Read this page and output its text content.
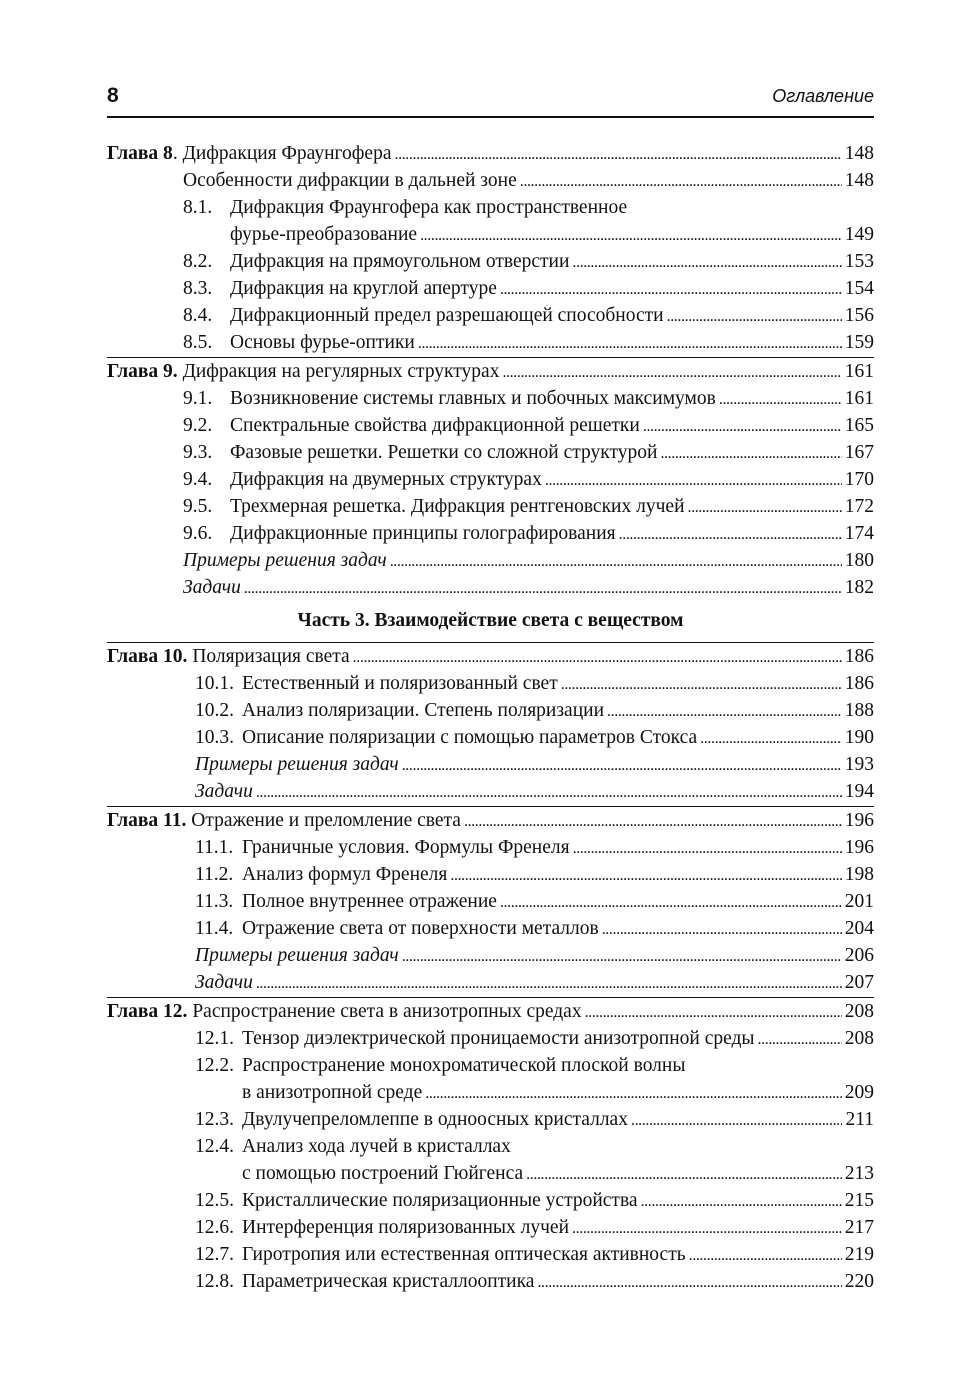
8	Оглавление
Глава 8. Дифракция Фраунгофера . . .	148
Особенности дифракции в дальней зоне . . .	148
8.1. Дифракция Фраунгофера как пространственное
фурье-преобразование . . .	149
8.2. Дифракция на прямоугольном отверстии . . .	153
8.3. Дифракция на круглой апертуре . . .	154
8.4. Дифракционный предел разрешающей способности . . .	156
8.5. Основы фурье-оптики . . .	159
Глава 9. Дифракция на регулярных структурах . . .	161
9.1. Возникновение системы главных и побочных максимумов . . .	161
9.2. Спектральные свойства дифракционной решетки . . .	165
9.3. Фазовые решетки. Решетки со сложной структурой . . .	167
9.4. Дифракция на двумерных структурах . . .	170
9.5. Трехмерная решетка. Дифракция рентгеновских лучей . . .	172
9.6. Дифракционные принципы голографирования . . .	174
Примеры решения задач . . .	180
Задачи . . .	182
Часть 3. Взаимодействие света с веществом
Глава 10. Поляризация света . . .	186
10.1. Естественный и поляризованный свет . . .	186
10.2. Анализ поляризации. Степень поляризации . . .	188
10.3. Описание поляризации с помощью параметров Стокса . . .	190
Примеры решения задач . . .	193
Задачи . . .	194
Глава 11. Отражение и преломление света . . .	196
11.1. Граничные условия. Формулы Френеля . . .	196
11.2. Анализ формул Френеля . . .	198
11.3. Полное внутреннее отражение . . .	201
11.4. Отражение света от поверхности металлов . . .	204
Примеры решения задач . . .	206
Задачи . . .	207
Глава 12. Распространение света в анизотропных средах . . .	208
12.1. Тензор диэлектрической проницаемости анизотропной среды . . .	208
12.2. Распространение монохроматической плоской волны
в анизотропной среде . . .	209
12.3. Двулучепреломлеппе в одноосных кристаллах . . .	211
12.4. Анализ хода лучей в кристаллах
с помощью построений Гюйгенса . . .	213
12.5. Кристаллические поляризационные устройства . . .	215
12.6. Интерференция поляризованных лучей . . .	217
12.7. Гиротропия или естественная оптическая активность . . .	219
12.8. Параметрическая кристаллооптика . . .	220
